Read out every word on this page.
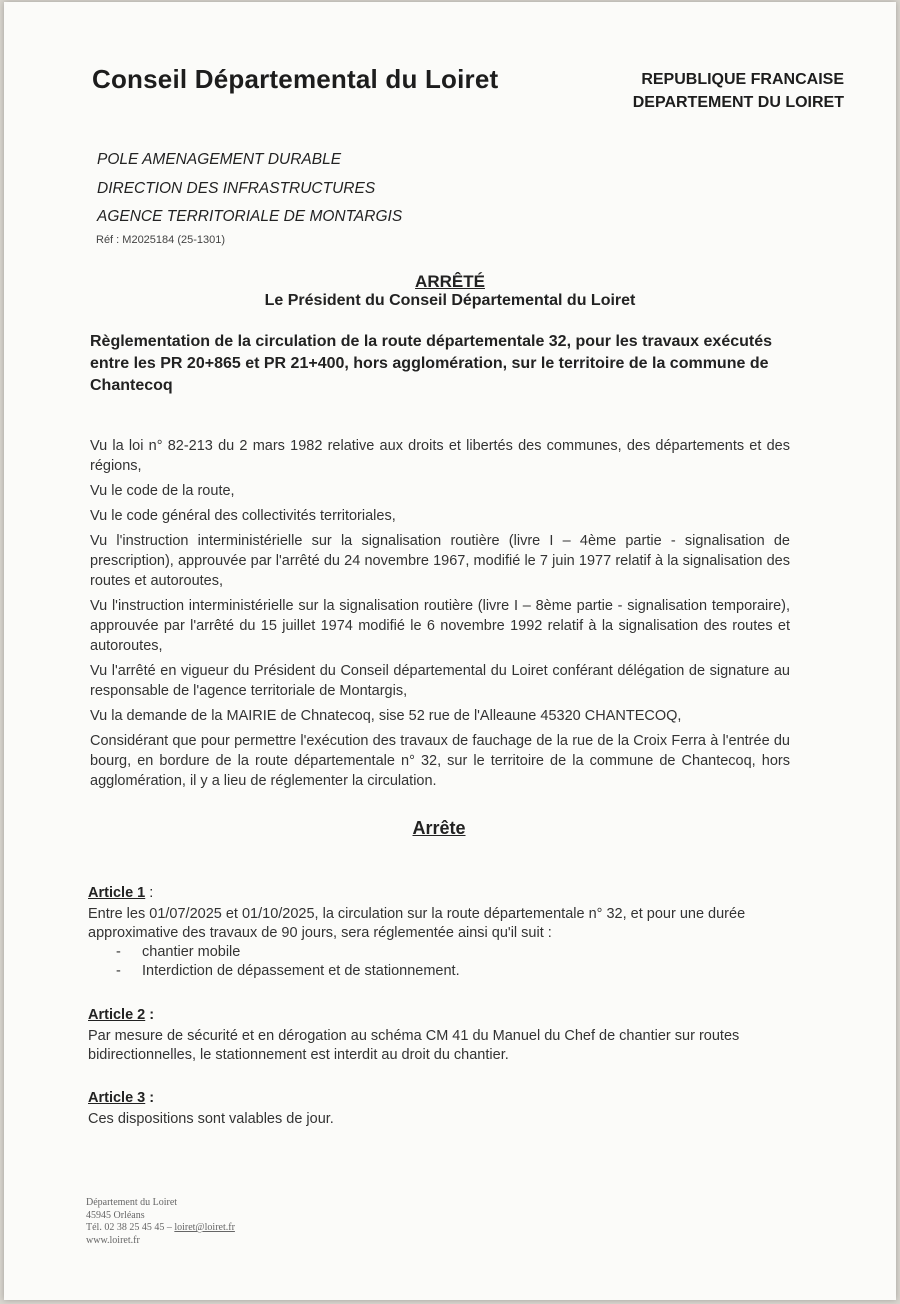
Conseil Départemental du Loiret	REPUBLIQUE FRANCAISE
DEPARTEMENT DU LOIRET
POLE AMENAGEMENT DURABLE
DIRECTION DES INFRASTRUCTURES
AGENCE TERRITORIALE DE MONTARGIS
Réf : M2025184 (25-1301)
ARRÊTÉ
Le Président du Conseil Départemental du Loiret
Règlementation de la circulation de la route départementale 32, pour les travaux exécutés entre les PR 20+865 et PR 21+400, hors agglomération, sur le territoire de la commune de Chantecoq

Vu la loi n° 82-213 du 2 mars 1982 relative aux droits et libertés des communes, des départements et des régions,

Vu le code de la route,

Vu le code général des collectivités territoriales,

Vu l'instruction interministérielle sur la signalisation routière (livre I – 4ème partie - signalisation de prescription), approuvée par l'arrêté du 24 novembre 1967, modifié le 7 juin 1977 relatif à la signalisation des routes et autoroutes,

Vu l'instruction interministérielle sur la signalisation routière (livre I – 8ème partie - signalisation temporaire), approuvée par l'arrêté du 15 juillet 1974 modifié le 6 novembre 1992 relatif à la signalisation des routes et autoroutes,

Vu l'arrêté en vigueur du Président du Conseil départemental du Loiret conférant délégation de signature au responsable de l'agence territoriale de Montargis,

Vu la demande de la MAIRIE de Chnatecoq, sise 52 rue de l'Alleaune 45320 CHANTECOQ,

Considérant que pour permettre l'exécution des travaux de fauchage de la rue de la Croix Ferra à l'entrée du bourg, en bordure de la route départementale n° 32, sur le territoire de la commune de Chantecoq, hors agglomération, il y a lieu de réglementer la circulation.

Arrête

Article 1 :

Entre les 01/07/2025 et 01/10/2025, la circulation sur la route départementale n° 32, et pour une durée approximative des travaux de 90 jours, sera réglementée ainsi qu'il suit :

- chantier mobile
- Interdiction de dépassement et de stationnement.

Article 2 :

Par mesure de sécurité et en dérogation au schéma CM 41 du Manuel du Chef de chantier sur routes bidirectionnelles, le stationnement est interdit au droit du chantier.

Article 3 :

Ces dispositions sont valables de jour.

Département du Loiret
45945 Orléans
Tél. 02 38 25 45 45 – loiret@loiret.fr
www.loiret.fr
